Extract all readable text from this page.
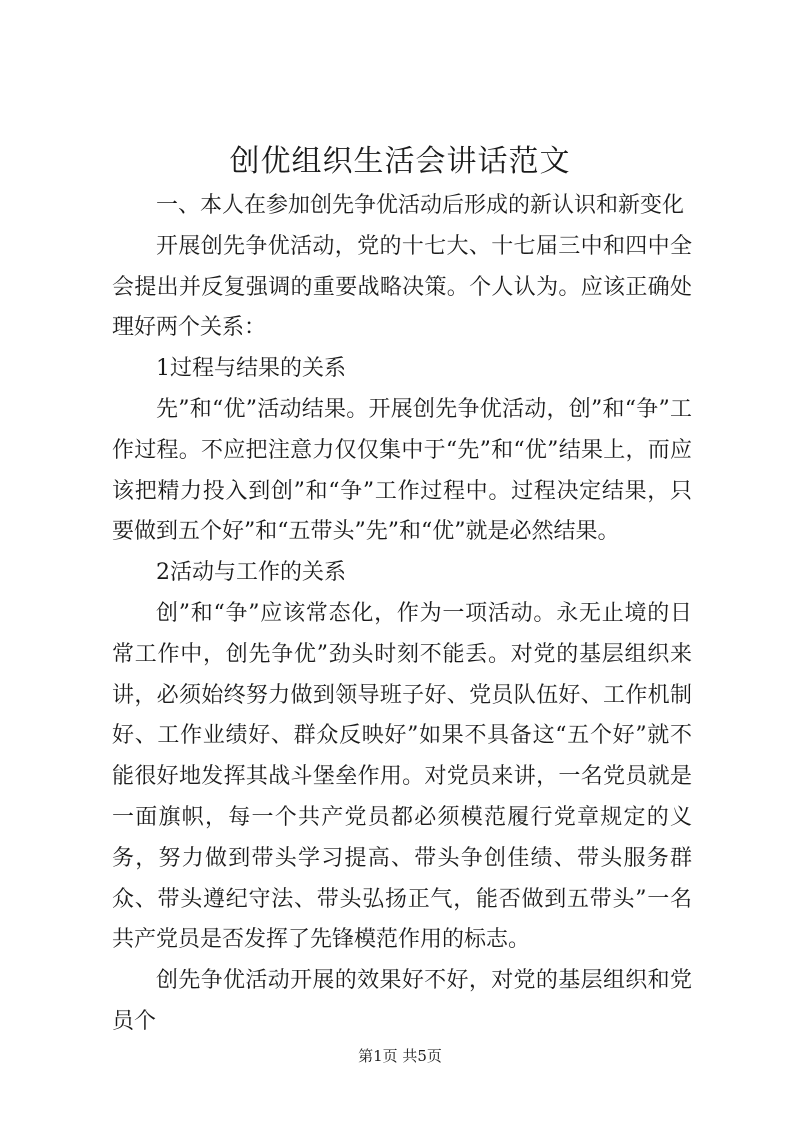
创优组织生活会讲话范文

一、本人在参加创先争优活动后形成的新认识和新变化

开展创先争优活动，党的十七大、十七届三中和四中全会提出并反复强调的重要战略决策。个人认为。应该正确处理好两个关系：

1过程与结果的关系

先”和“优”活动结果。开展创先争优活动，创”和“争”工作过程。不应把注意力仅仅集中于“先”和“优”结果上，而应该把精力投入到创”和“争”工作过程中。过程决定结果，只要做到五个好”和“五带头”先”和“优”就是必然结果。

2活动与工作的关系

创”和“争”应该常态化，作为一项活动。永无止境的日常工作中，创先争优”劲头时刻不能丢。对党的基层组织来讲，必须始终努力做到领导班子好、党员队伍好、工作机制好、工作业绩好、群众反映好”如果不具备这“五个好”就不能很好地发挥其战斗堡垒作用。对党员来讲，一名党员就是一面旗帜，每一个共产党员都必须模范履行党章规定的义务，努力做到带头学习提高、带头争创佳绩、带头服务群众、带头遵纪守法、带头弘扬正气，能否做到五带头”一名共产党员是否发挥了先锋模范作用的标志。

创先争优活动开展的效果好不好，对党的基层组织和党员个

第1页 共5页
